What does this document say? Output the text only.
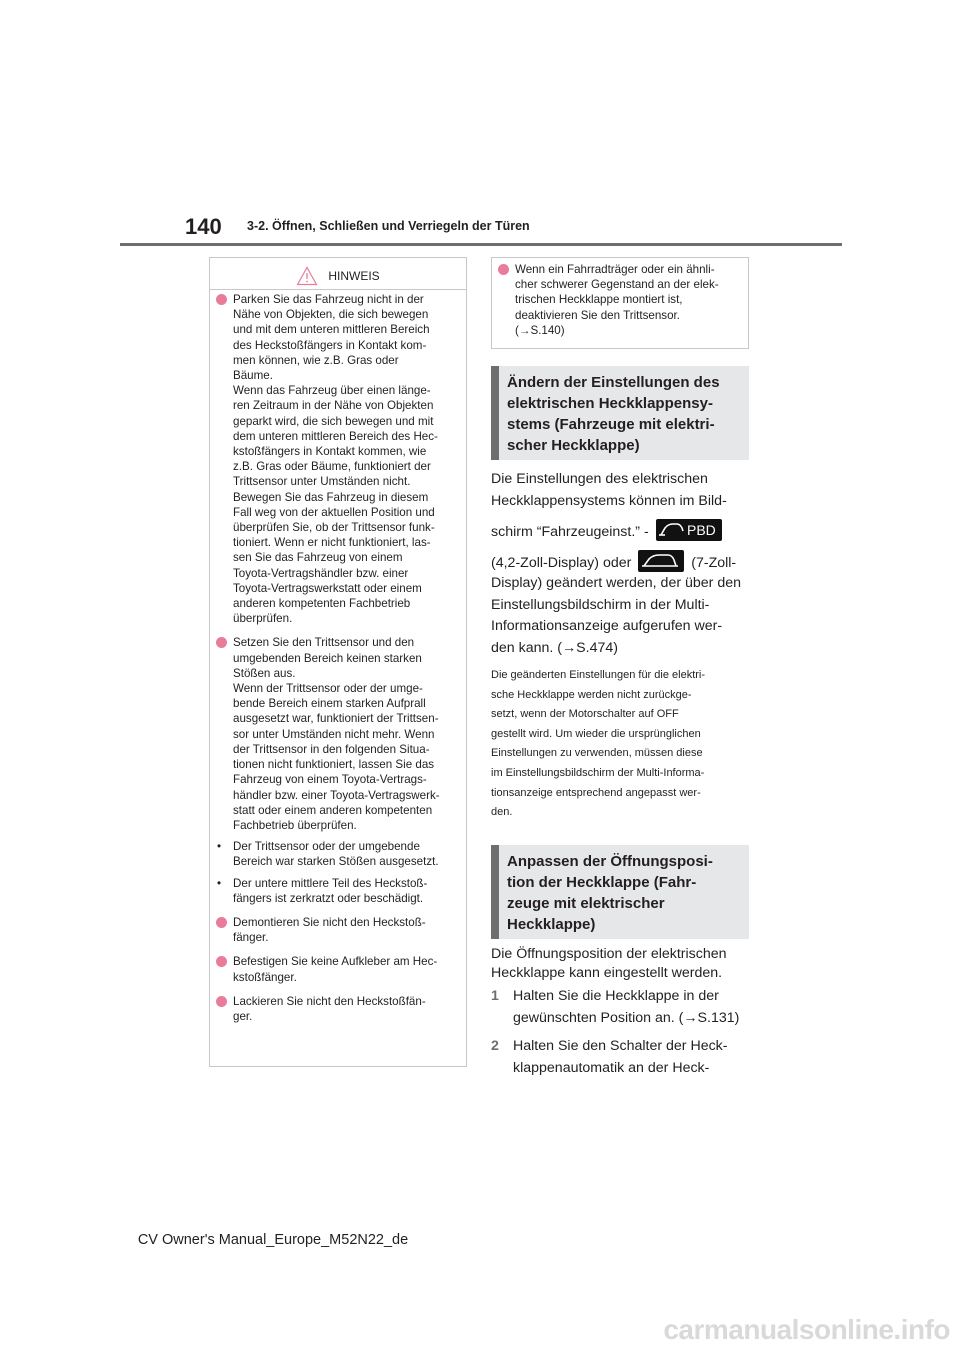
140 3-2. Öffnen, Schließen und Verriegeln der Türen
HINWEIS
Parken Sie das Fahrzeug nicht in der
Nähe von Objekten, die sich bewegen
und mit dem unteren mittleren Bereich
des Heckstoßfängers in Kontakt kom-
men können, wie z.B. Gras oder
Bäume.
Wenn das Fahrzeug über einen länge-
ren Zeitraum in der Nähe von Objekten
geparkt wird, die sich bewegen und mit
dem unteren mittleren Bereich des Hec-
kstoßfängers in Kontakt kommen, wie
z.B. Gras oder Bäume, funktioniert der
Trittsensor unter Umständen nicht.
Bewegen Sie das Fahrzeug in diesem
Fall weg von der aktuellen Position und
überprüfen Sie, ob der Trittsensor funk-
tioniert. Wenn er nicht funktioniert, las-
sen Sie das Fahrzeug von einem
Toyota-Vertragshändler bzw. einer
Toyota-Vertragswerkstatt oder einem
anderen kompetenten Fachbetrieb
überprüfen.
Setzen Sie den Trittsensor und den
umgebenden Bereich keinen starken
Stößen aus.
Wenn der Trittsensor oder der umge-
bende Bereich einem starken Aufprall
ausgesetzt war, funktioniert der Trittsen-
sor unter Umständen nicht mehr. Wenn
der Trittsensor in den folgenden Situa-
tionen nicht funktioniert, lassen Sie das
Fahrzeug von einem Toyota-Vertrags-
händler bzw. einer Toyota-Vertragswerk-
statt oder einem anderen kompetenten
Fachbetrieb überprüfen.
•	Der Trittsensor oder der umgebende
Bereich war starken Stößen ausgesetzt.
•	Der untere mittlere Teil des Heckstoß-
fängers ist zerkratzt oder beschädigt.
Demontieren Sie nicht den Heckstoß-
fänger.
Befestigen Sie keine Aufkleber am Hec-
kstoßfänger.
Lackieren Sie nicht den Heckstoßfän-
ger.
Wenn ein Fahrradträger oder ein ähnli-
cher schwerer Gegenstand an der elek-
trischen Heckklappe montiert ist,
deaktivieren Sie den Trittsensor.
(→S.140)
Ändern der Einstellungen des
elektrischen Heckklappensy-
stems (Fahrzeuge mit elektri-
scher Heckklappe)
Die Einstellungen des elektrischen
Heckklappensystems können im Bild-
schirm “Fahrzeugeinst.” - PBD
(4,2-Zoll-Display) oder	(7-Zoll-
Display) geändert werden, der über den
Einstellungsbildschirm in der Multi-
Informationsanzeige aufgerufen wer-
den kann. (→S.474)
Die geänderten Einstellungen für die elektri-
sche Heckklappe werden nicht zurückge-
setzt, wenn der Motorschalter auf OFF
gestellt wird. Um wieder die ursprünglichen
Einstellungen zu verwenden, müssen diese
im Einstellungsbildschirm der Multi-Informa-
tionsanzeige entsprechend angepasst wer-
den.
Anpassen der Öffnungsposi-
tion der Heckklappe (Fahr-
zeuge mit elektrischer
Heckklappe)
Die Öffnungsposition der elektrischen
Heckklappe kann eingestellt werden.
1 Halten Sie die Heckklappe in der
gewünschten Position an. (→S.131)
2 Halten Sie den Schalter der Heck-
klappenautomatik an der Heck-
CV Owner's Manual_Europe_M52N22_de
carmanualsonline.info
